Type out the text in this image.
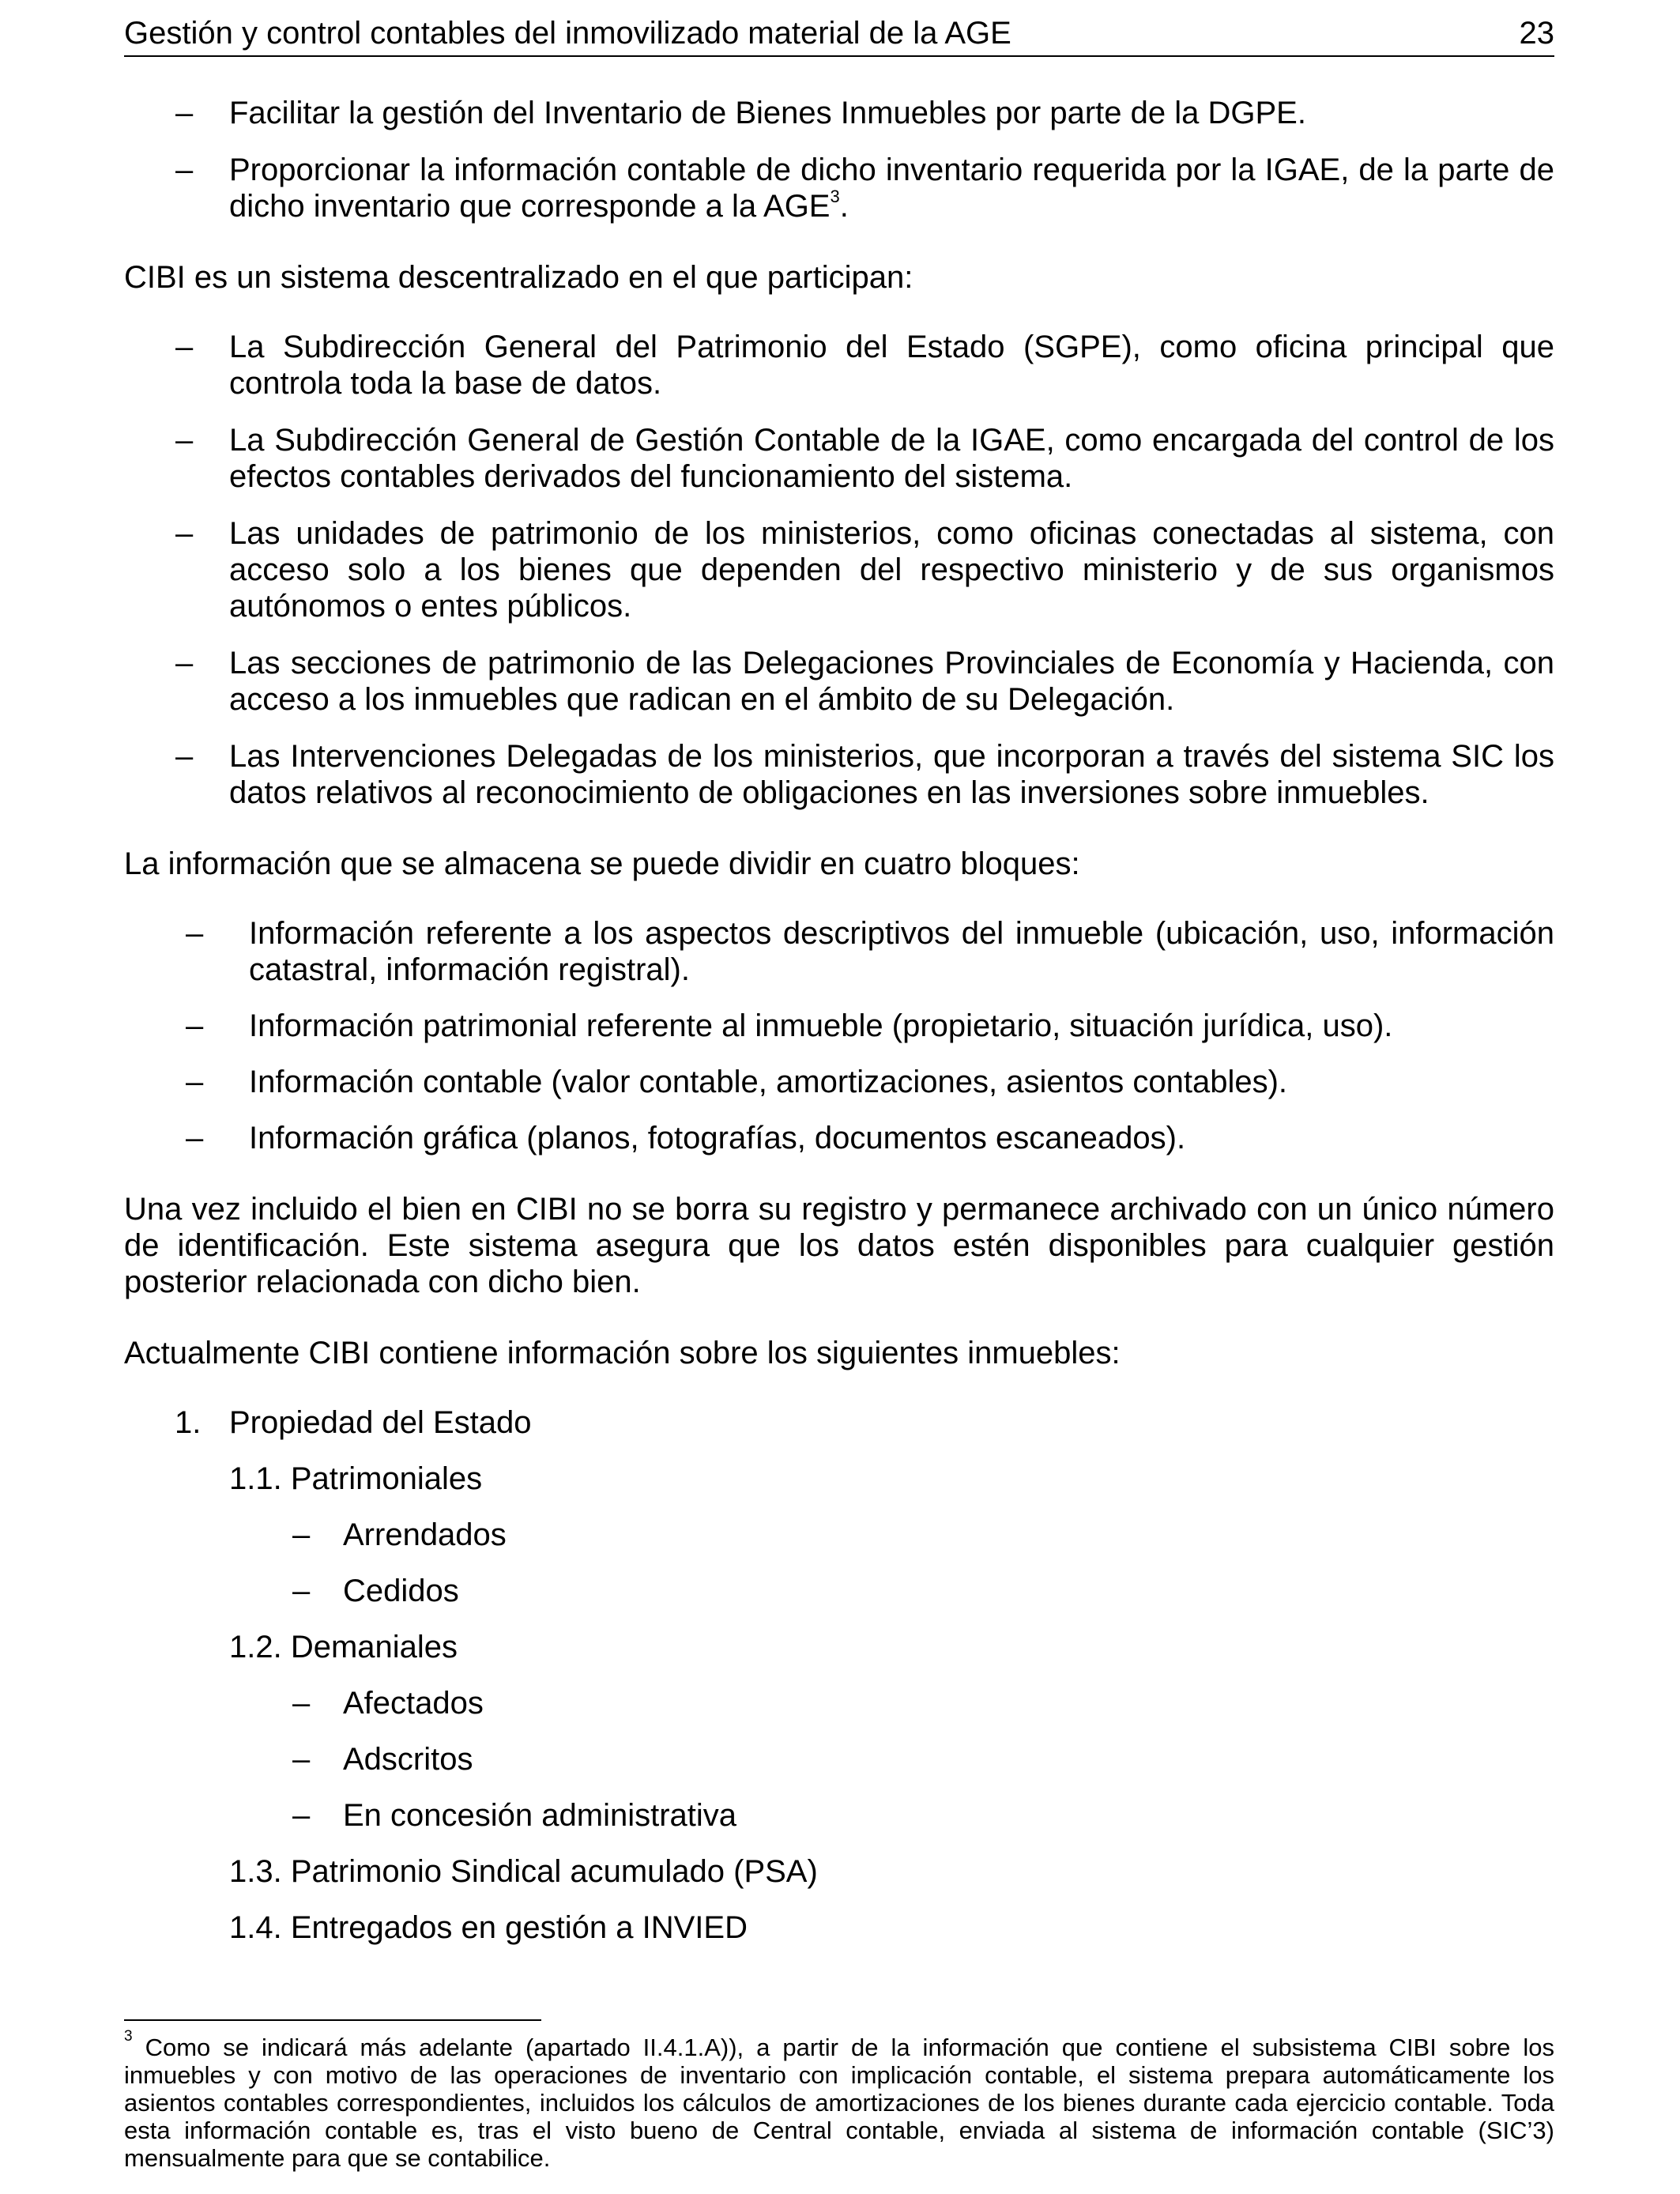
Gestión y control contables del inmovilizado material de la AGE	23
– Facilitar la gestión del Inventario de Bienes Inmuebles por parte de la DGPE.
– Proporcionar la información contable de dicho inventario requerida por la IGAE, de la parte de dicho inventario que corresponde a la AGE$^3$.

CIBI es un sistema descentralizado en el que participan:

– La Subdirección General del Patrimonio del Estado (SGPE), como oficina principal que controla toda la base de datos.
– La Subdirección General de Gestión Contable de la IGAE, como encargada del control de los efectos contables derivados del funcionamiento del sistema.
– Las unidades de patrimonio de los ministerios, como oficinas conectadas al sistema, con acceso solo a los bienes que dependen del respectivo ministerio y de sus organismos autónomos o entes públicos.
– Las secciones de patrimonio de las Delegaciones Provinciales de Economía y Hacienda, con acceso a los inmuebles que radican en el ámbito de su Delegación.
– Las Intervenciones Delegadas de los ministerios, que incorporan a través del sistema SIC los datos relativos al reconocimiento de obligaciones en las inversiones sobre inmuebles.

La información que se almacena se puede dividir en cuatro bloques:

– Información referente a los aspectos descriptivos del inmueble (ubicación, uso, información catastral, información registral).
– Información patrimonial referente al inmueble (propietario, situación jurídica, uso).
– Información contable (valor contable, amortizaciones, asientos contables).
– Información gráfica (planos, fotografías, documentos escaneados).

Una vez incluido el bien en CIBI no se borra su registro y permanece archivado con un único número de identificación. Este sistema asegura que los datos estén disponibles para cualquier gestión posterior relacionada con dicho bien.

Actualmente CIBI contiene información sobre los siguientes inmuebles:

1. Propiedad del Estado
1.1. Patrimoniales
– Arrendados
– Cedidos
1.2. Demaniales
– Afectados
– Adscritos
– En concesión administrativa
1.3. Patrimonio Sindical acumulado (PSA)
1.4. Entregados en gestión a INVIED
$^3$ Como se indicará más adelante (apartado II.4.1.A)), a partir de la información que contiene el subsistema CIBI sobre los inmuebles y con motivo de las operaciones de inventario con implicación contable, el sistema prepara automáticamente los asientos contables correspondientes, incluidos los cálculos de amortizaciones de los bienes durante cada ejercicio contable. Toda esta información contable es, tras el visto bueno de Central contable, enviada al sistema de información contable (SIC’3) mensualmente para que se contabilice.
